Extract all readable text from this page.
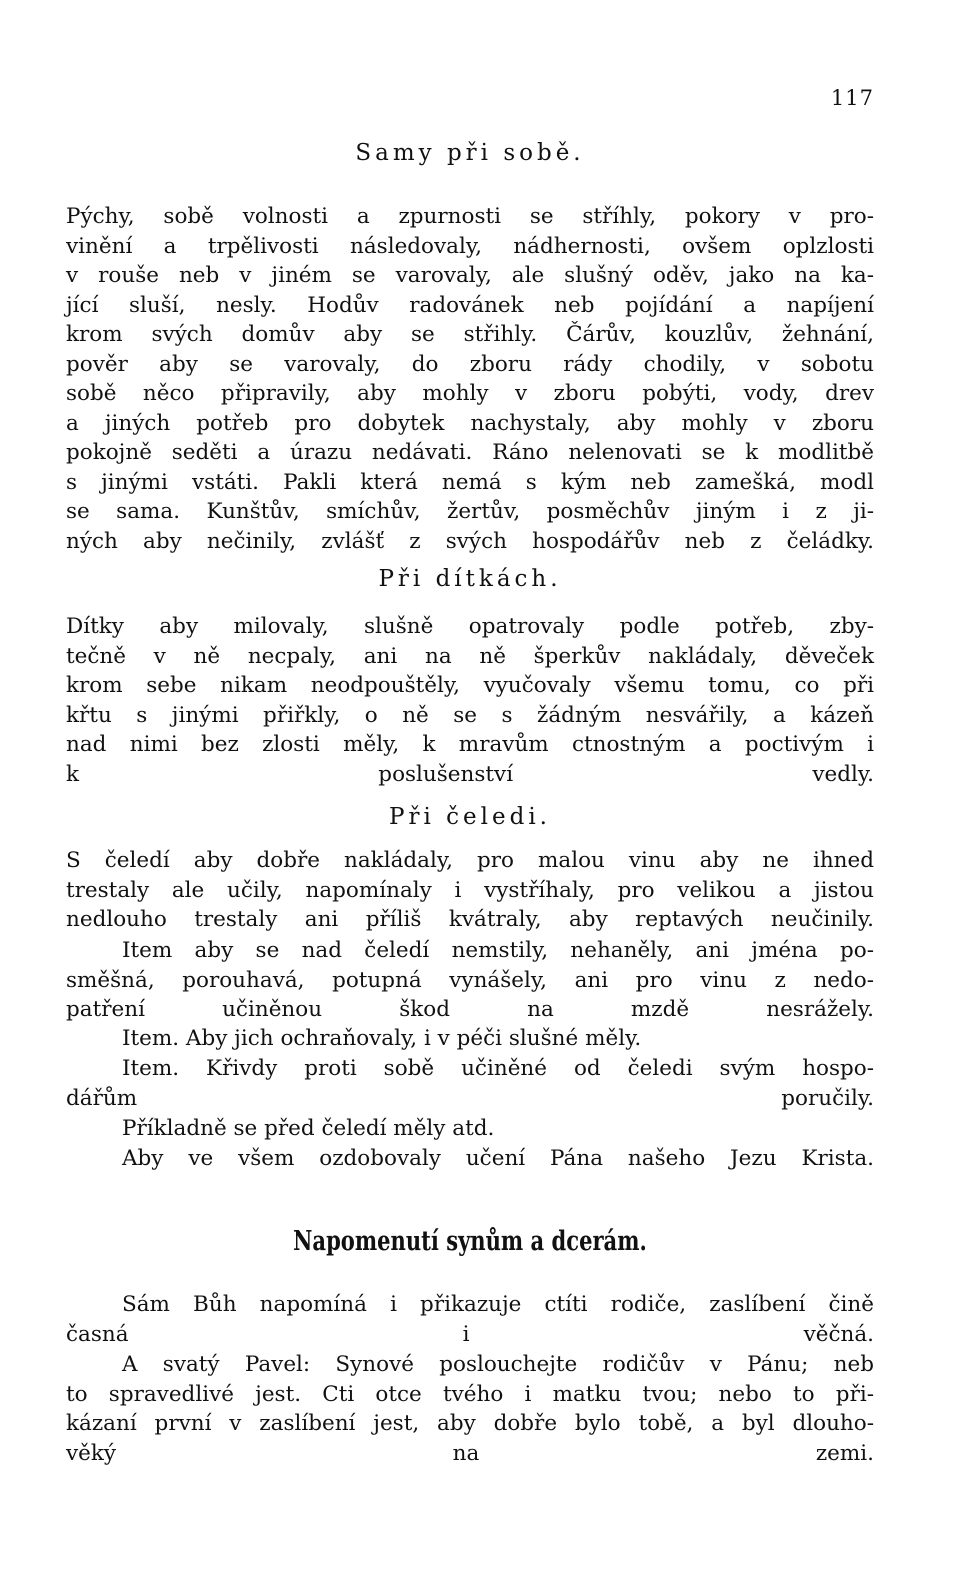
117
Samy při sobě.
Pýchy, sobě volnosti a zpurnosti se stříhly, pokory v pro-
vinění a trpělivosti následovaly, nádhernosti, ovšem oplzlosti
v rouše neb v jiném se varovaly, ale slušný oděv, jako na ka-
jící sluší, nesly. Hodův radovánek neb pojídání a napíjení
krom svých domův aby se střihly. Čárův, kouzlův, žehnání,
pověr aby se varovaly, do zboru rády chodily, v sobotu
sobě něco připravily, aby mohly v zboru pobýti, vody, drev
a jiných potřeb pro dobytek nachystaly, aby mohly v zboru
pokojně seděti a úrazu nedávati. Ráno nelenovati se k modlitbě
s jinými vstáti. Pakli která nemá s kým neb zamešká, modl
se sama. Kunštův, smíchův, žertův, posměchův jiným i z ji-
ných aby nečinily, zvlášť z svých hospodářův neb z čeládky.
Při dítkách.
Dítky aby milovaly, slušně opatrovaly podle potřeb, zby-
tečně v ně necpaly, ani na ně šperkův nakládaly, děveček
krom sebe nikam neodpouštěly, vyučovaly všemu tomu, co při
křtu s jinými přiřkly, o ně se s žádným nesvářily, a kázeň
nad nimi bez zlosti měly, k mravům ctnostným a poctivým i
k poslušenství vedly.
Při čeledi.
S čeledí aby dobře nakládaly, pro malou vinu aby ne ihned
trestaly ale učily, napomínaly i vystříhaly, pro velikou a jistou
nedlouho trestaly ani příliš kvátraly, aby reptavých neučinily.
Item aby se nad čeledí nemstily, nehaněly, ani jména po-
směšná, porouhavá, potupná vynášely, ani pro vinu z nedo-
patření učiněnou škod na mzdě nesrážely.
Item. Aby jich ochraňovaly, i v péči slušné měly.
Item. Křivdy proti sobě učiněné od čeledi svým hospo-
dářům poručily.
Příkladně se před čeledí měly atd.
Aby ve všem ozdobovaly učení Pána našeho Jezu Krista.
Napomenutí synům a dcerám.
Sám Bůh napomíná i přikazuje ctíti rodiče, zaslíbení čině
časná i věčná.
A svatý Pavel: Synové poslouchejte rodičův v Pánu; neb
to spravedlivé jest. Cti otce tvého i matku tvou; nebo to při-
kázaní první v zaslíbení jest, aby dobře bylo tobě, a byl dlouho-
věký na zemi.
